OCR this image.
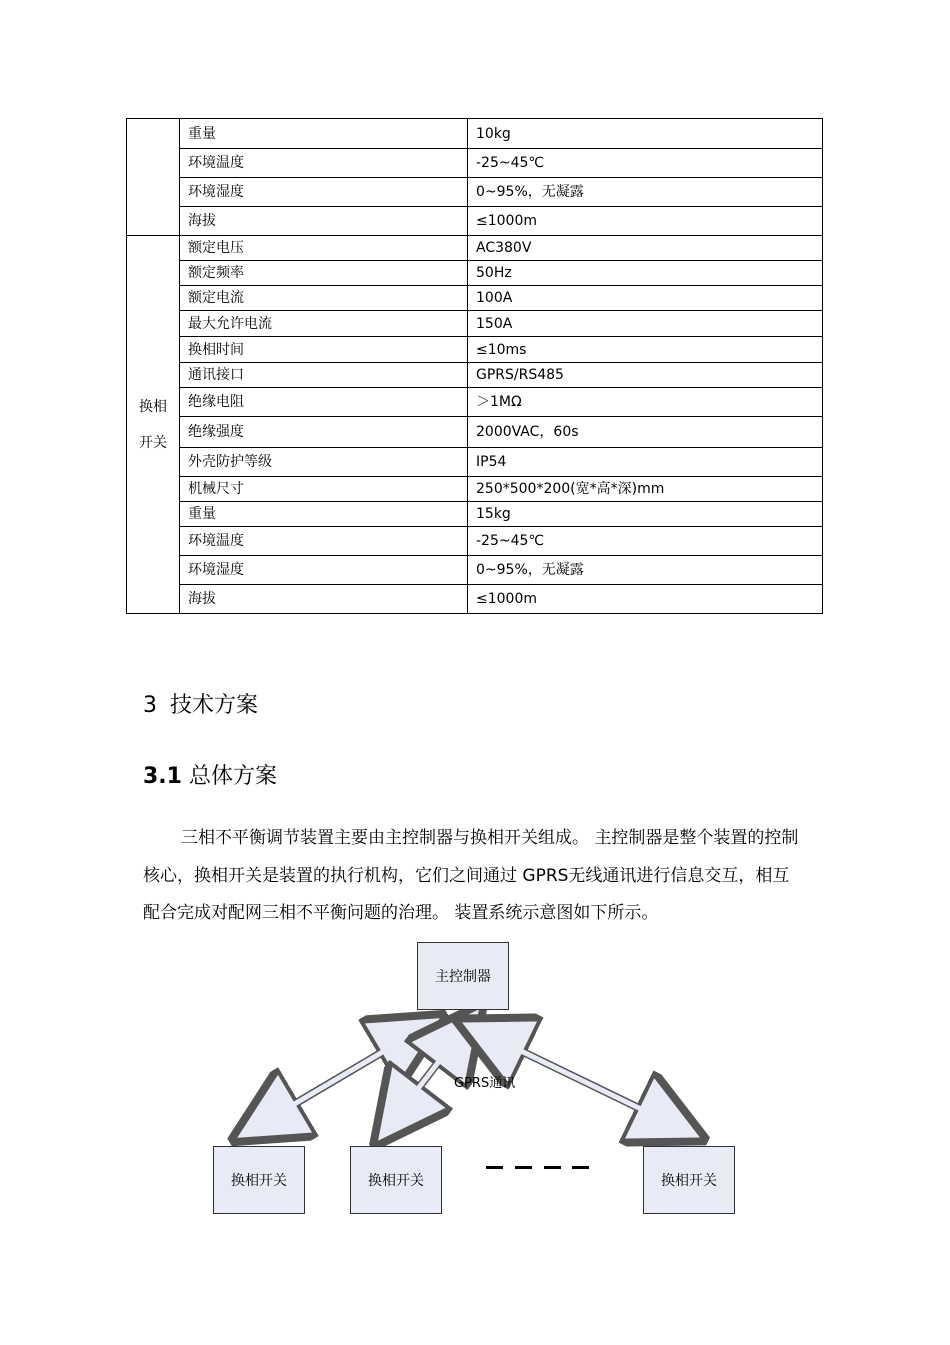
	重量	10kg
	环境温度	-25~45℃
	环境湿度	0~95%，无凝露
	海拔	≤1000m

换相
开关	额定电压	AC380V
	额定频率	50Hz
	额定电流	100A
	最大允许电流	150A
	换相时间	≤10ms
	通讯接口	GPRS/RS485
	绝缘电阻	＞1MΩ
	绝缘强度	2000VAC，60s
	外壳防护等级	IP54
	机械尺寸	250*500*200(宽*高*深)mm
	重量	15kg
	环境温度	-25~45℃
	环境湿度	0~95%，无凝露
	海拔	≤1000m
3 技术方案
3.1 总体方案

三相不平衡调节装置主要由主控制器与换相开关组成。 主控制器是整个装置的控制核心，换相开关是装置的执行机构，它们之间通过 GPRS无线通讯进行信息交互，相互配合完成对配网三相不平衡问题的治理。 装置系统示意图如下所示。

主控制器
GPRS通讯
换相开关	换相开关	换相开关
